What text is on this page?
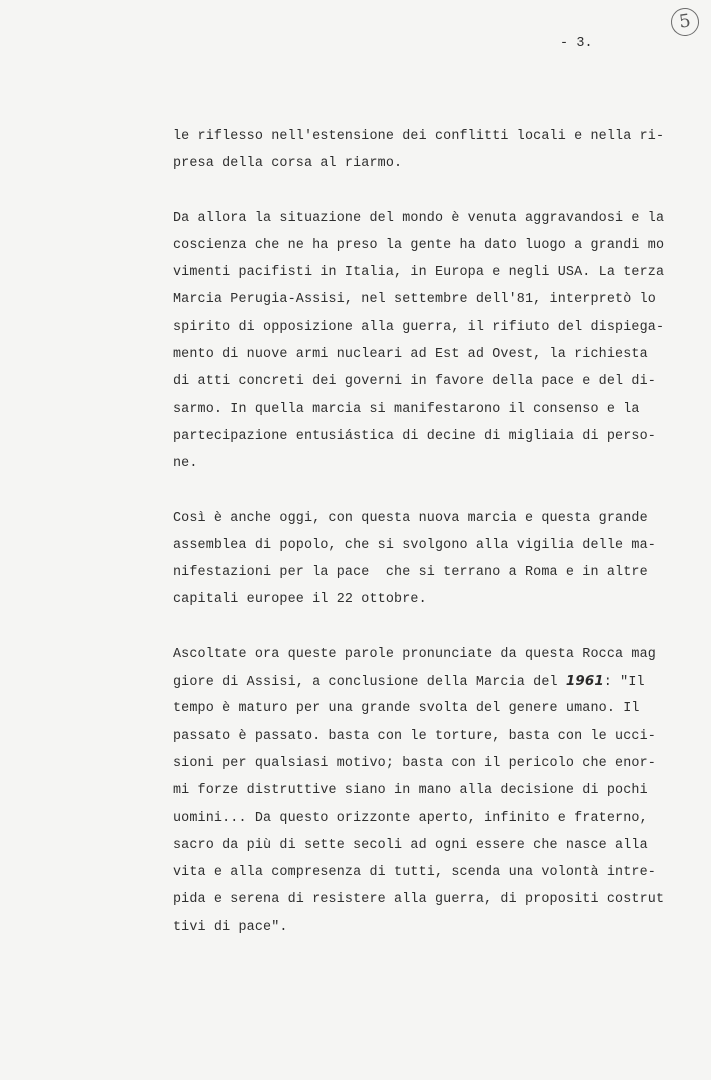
5
- 3.
le riflesso nell'estensione dei conflitti locali e nella ri-
presa della corsa al riarmo.
Da allora la situazione del mondo è venuta aggravandosi e la
coscienza che ne ha preso la gente ha dato luogo a grandi mo
vimenti pacifisti in Italia, in Europa e negli USA. La terza
Marcia Perugia-Assisi, nel settembre dell'81, interpretò lo
spirito di opposizione alla guerra, il rifiuto del dispiega-
mento di nuove armi nucleari ad Est ad Ovest, la richiesta
di atti concreti dei governi in favore della pace e del di-
sarmo. In quella marcia si manifestarono il consenso e la
partecipazione entusiástica di decine di migliaia di perso-
ne.
Così è anche oggi, con questa nuova marcia e questa grande
assemblea di popolo, che si svolgono alla vigilia delle ma-
nifestazioni per la pace  che si terrano a Roma e in altre
capitali europee il 22 ottobre.
Ascoltate ora queste parole pronunciate da questa Rocca mag
giore di Assisi, a conclusione della Marcia del 1961: "Il
tempo è maturo per una grande svolta del genere umano. Il
passato è passato. basta con le torture, basta con le ucci-
sioni per qualsiasi motivo; basta con il pericolo che enor-
mi forze distruttive siano in mano alla decisione di pochi
uomini... Da questo orizzonte aperto, infinito e fraterno,
sacro da più di sette secoli ad ogni essere che nasce alla
vita e alla compresenza di tutti, scenda una volontà intre-
pida e serena di resistere alla guerra, di propositi costrut
tivi di pace".
